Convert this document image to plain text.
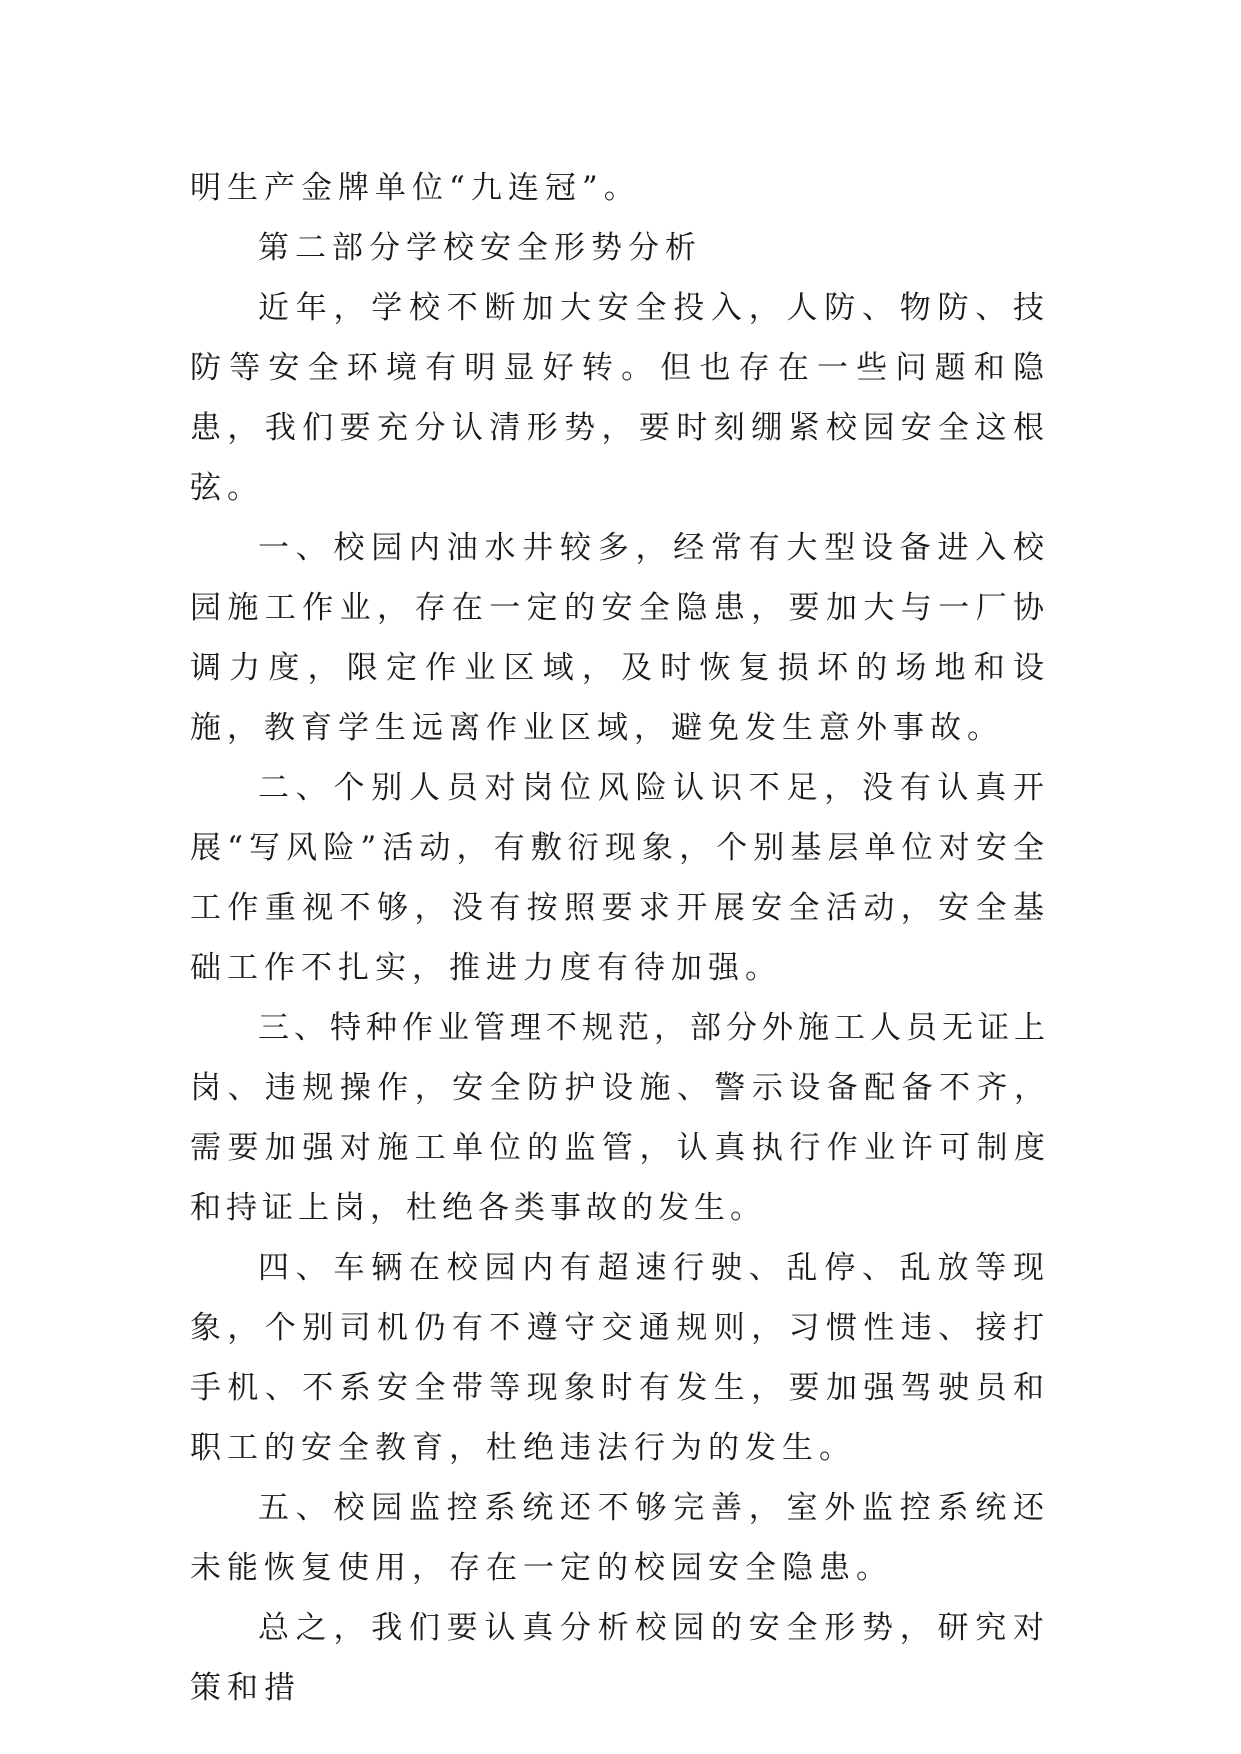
明生产金牌单位“九连冠”。

第二部分学校安全形势分析

近年，学校不断加大安全投入，人防、物防、技防等安全环境有明显好转。但也存在一些问题和隐患，我们要充分认清形势，要时刻绷紧校园安全这根弦。

一、校园内油水井较多，经常有大型设备进入校园施工作业，存在一定的安全隐患，要加大与一厂协调力度，限定作业区域，及时恢复损坏的场地和设施，教育学生远离作业区域，避免发生意外事故。

二、个别人员对岗位风险认识不足，没有认真开展“写风险”活动，有敷衍现象，个别基层单位对安全工作重视不够，没有按照要求开展安全活动，安全基础工作不扎实，推进力度有待加强。

三、特种作业管理不规范，部分外施工人员无证上岗、违规操作，安全防护设施、警示设备配备不齐，需要加强对施工单位的监管，认真执行作业许可制度和持证上岗，杜绝各类事故的发生。

四、车辆在校园内有超速行驶、乱停、乱放等现象，个别司机仍有不遵守交通规则，习惯性违、接打手机、不系安全带等现象时有发生，要加强驾驶员和职工的安全教育，杜绝违法行为的发生。

五、校园监控系统还不够完善，室外监控系统还未能恢复使用，存在一定的校园安全隐患。

总之，我们要认真分析校园的安全形势，研究对策和措
